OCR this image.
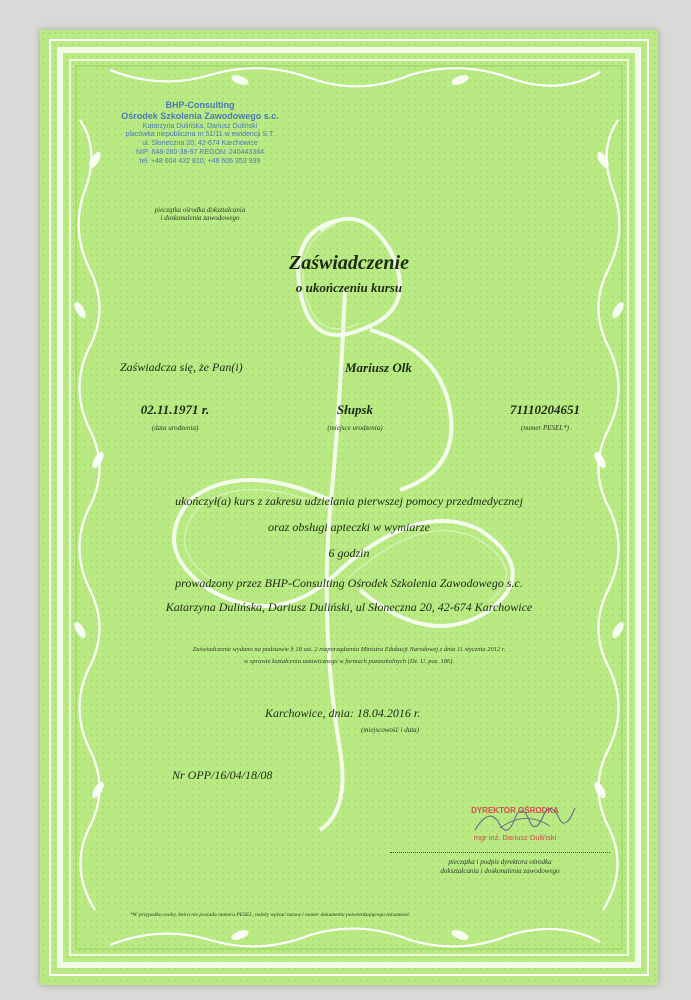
BHP-Consulting
Ośrodek Szkolenia Zawodowego s.c.
Katarzyna Dulińska, Dariusz Duliński
placówka niepubliczna nr 51/11 w ewidencji S.T.
ul. Słoneczna 20, 42-674 Karchowice
NIP: 648-260-38-97 REGON: 240443384
tel. +48 604 432 810, +48 606 353 939
pieczątka ośrodka dokształcania
i doskonalenia zawodowego
Zaświadczenie
o ukończeniu kursu
Zaświadcza się, że Pan(i)	Mariusz Olk
02.11.1971 r.
(data urodzenia)
Słupsk
(miejsce urodzenia)
71110204651
(numer PESEL*)
ukończył(a) kurs z zakresu udzielania pierwszej pomocy przedmedycznej
oraz obsługi apteczki w wymiarze
6 godzin
prowadzony przez BHP-Consulting Ośrodek Szkolenia Zawodowego s.c.
Katarzyna Dulińska, Dariusz Duliński, ul Słoneczna 20, 42-674 Karchowice
Zaświadczenie wydano na podstawie § 18 ust. 2 rozporządzenia Ministra Edukacji Narodowej z dnia 11 stycznia 2012 r.
w sprawie kształcenia ustawicznego w formach pozaszkolnych (Dz. U. poz. 186).
Karchowice, dnia: 18.04.2016 r.
(miejscowość i data)
Nr OPP/16/04/18/08
DYREKTOR OŚRODKA
mgr inż. Dariusz Duliński
pieczątka i podpis dyrektora ośrodka
dokształcania i doskonalenia zawodowego
*W przypadku osoby, która nie posiada numeru PESEL, należy wpisać nazwę i numer dokumentu potwierdzającego tożsamość.
